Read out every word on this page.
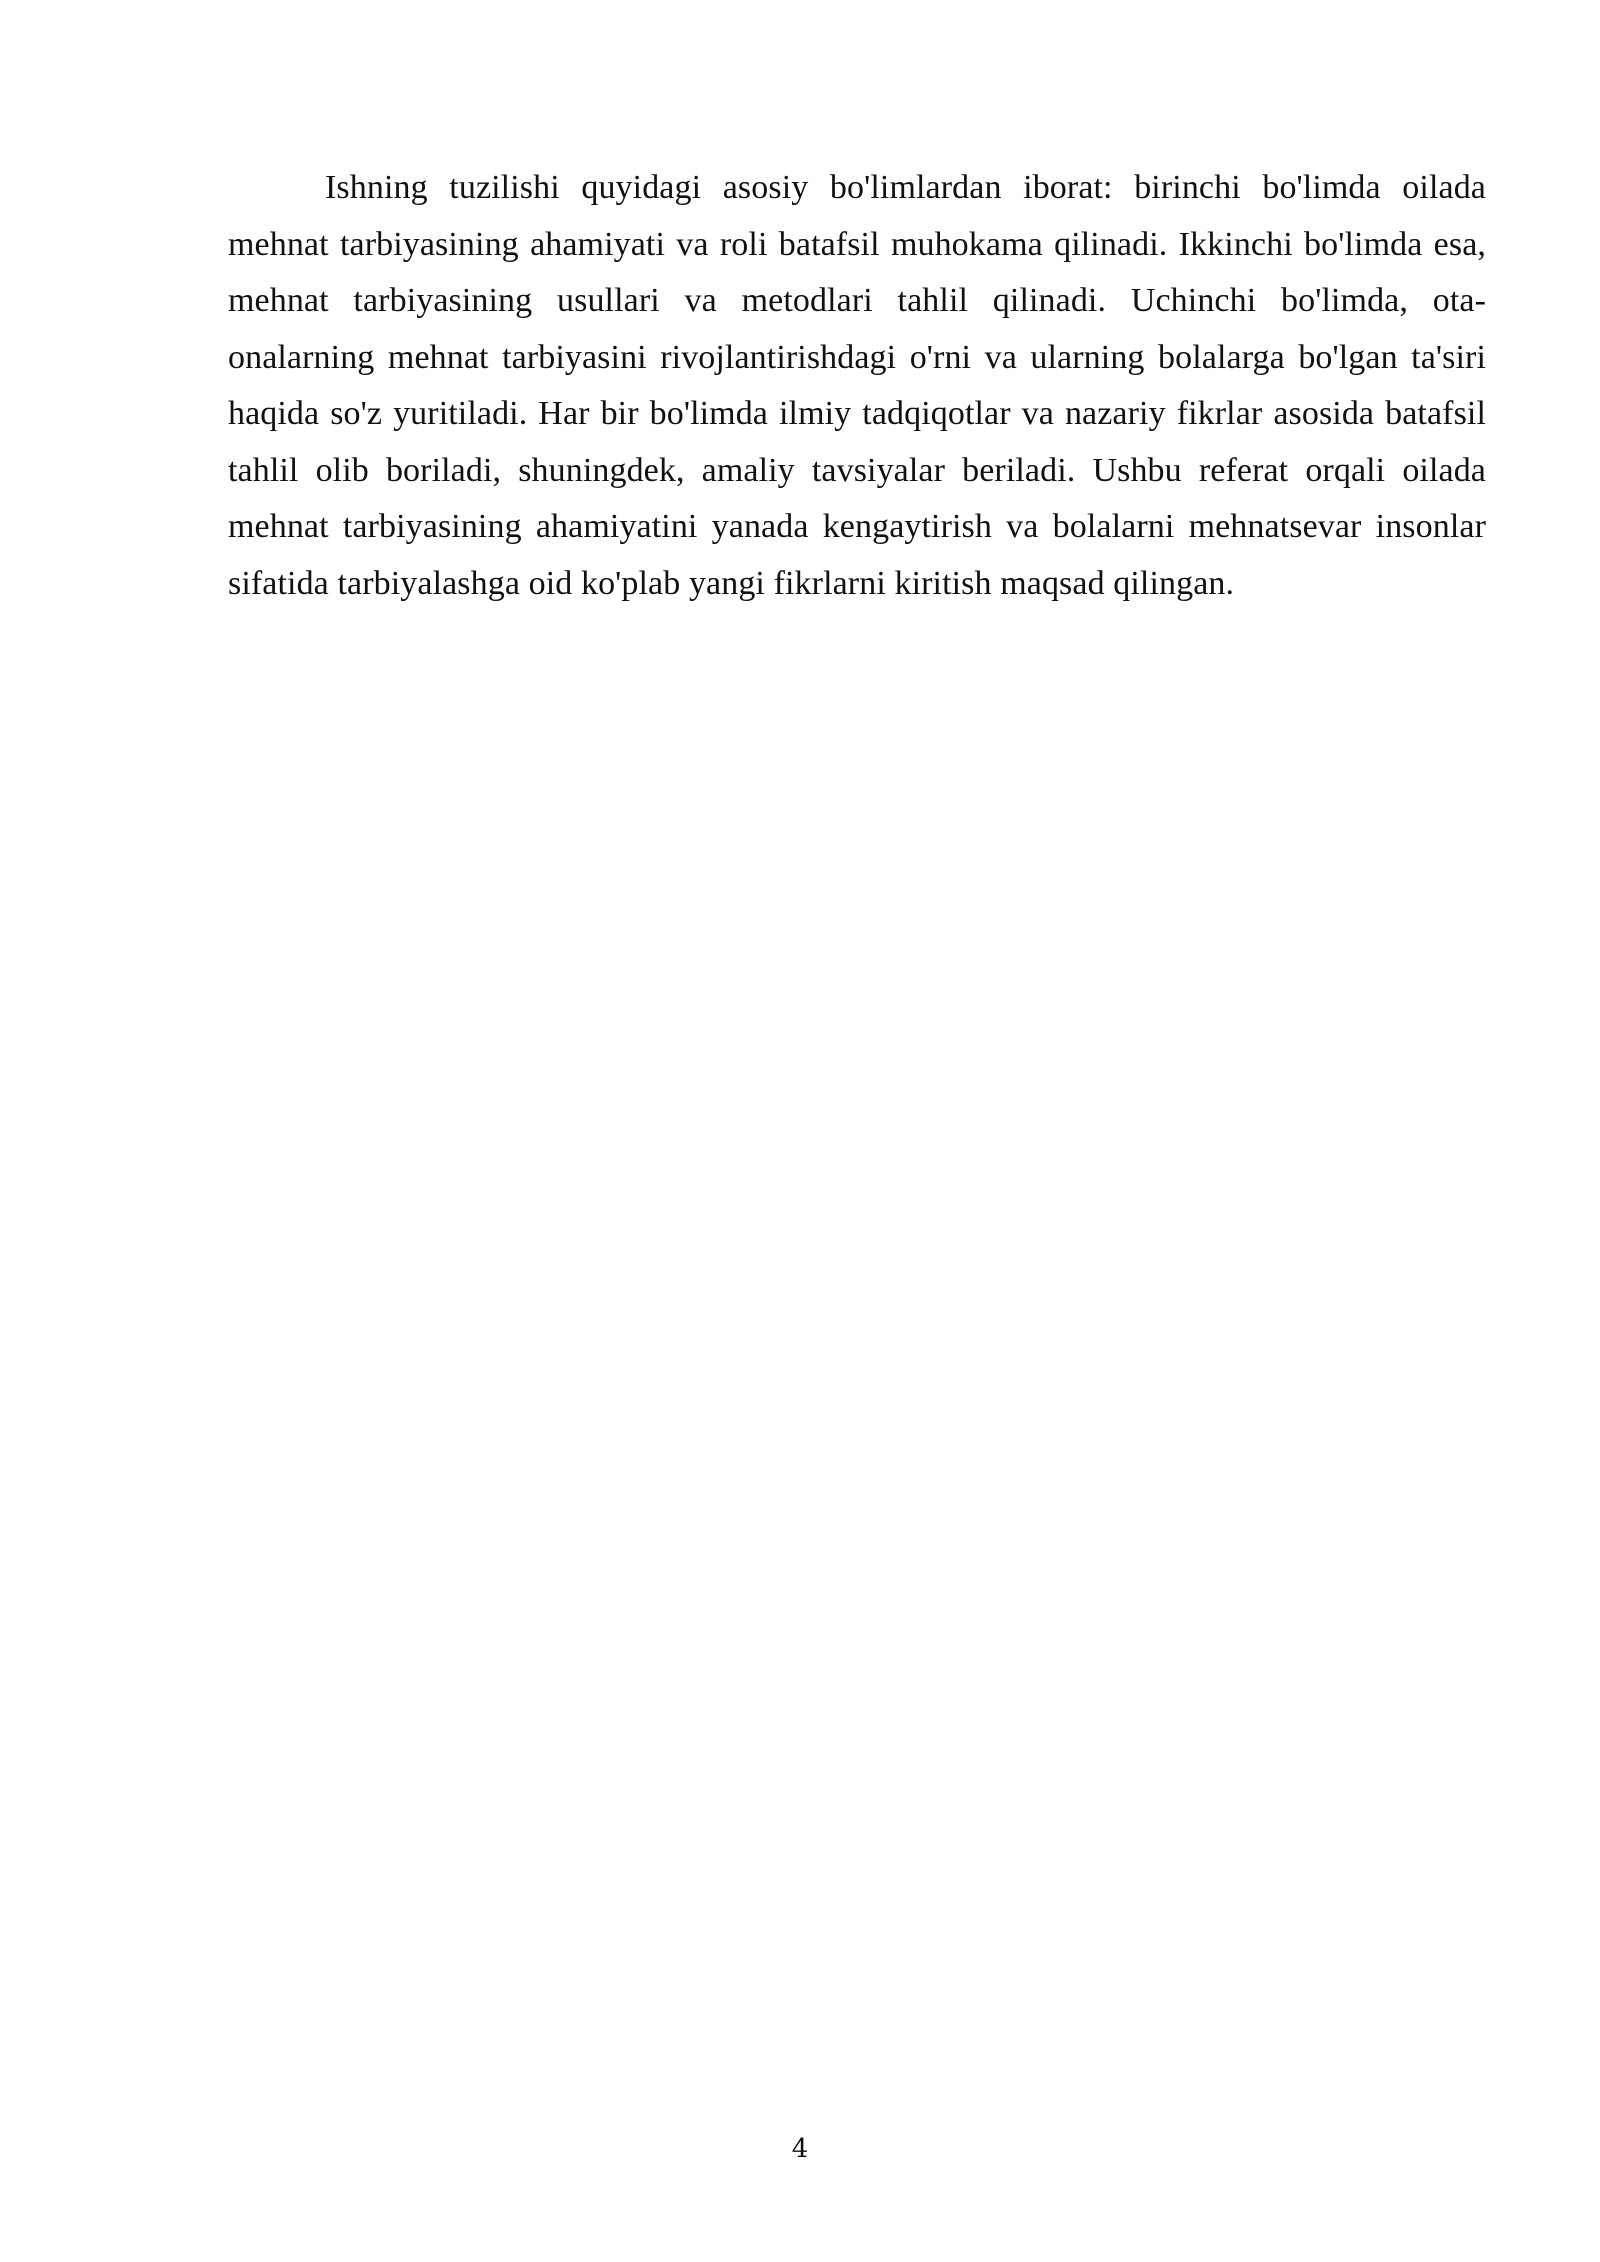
Ishning tuzilishi quyidagi asosiy bo'limlardan iborat: birinchi bo'limda oilada mehnat tarbiyasining ahamiyati va roli batafsil muhokama qilinadi. Ikkinchi bo'limda esa, mehnat tarbiyasining usullari va metodlari tahlil qilinadi. Uchinchi bo'limda, ota-onalarning mehnat tarbiyasini rivojlantirishdagi o'rni va ularning bolalarga bo'lgan ta'siri haqida so'z yuritiladi. Har bir bo'limda ilmiy tadqiqotlar va nazariy fikrlar asosida batafsil tahlil olib boriladi, shuningdek, amaliy tavsiyalar beriladi. Ushbu referat orqali oilada mehnat tarbiyasining ahamiyatini yanada kengaytirish va bolalarni mehnatsevar insonlar sifatida tarbiyalashga oid ko'plab yangi fikrlarni kiritish maqsad qilingan.

4
